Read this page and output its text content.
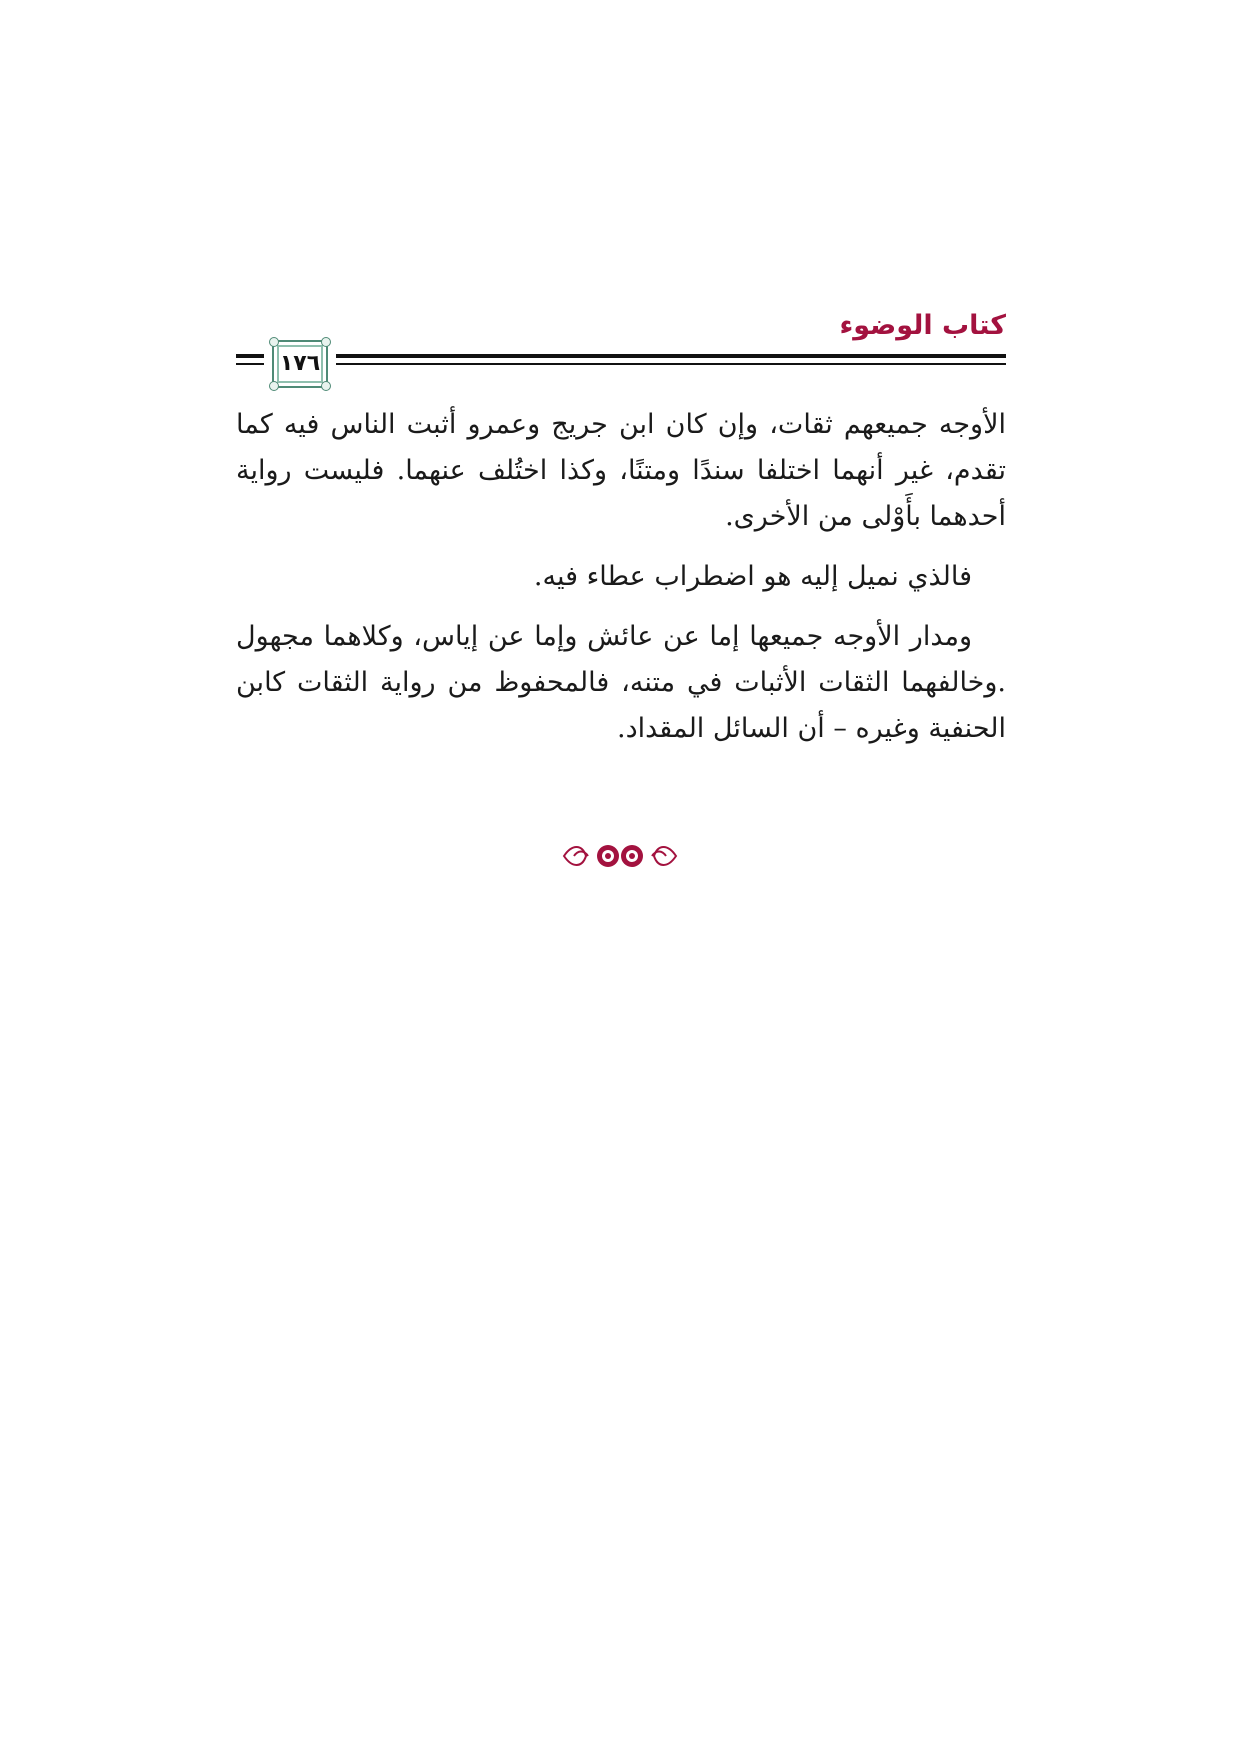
كتاب الوضوء
١٧٦

الأوجه جميعهم ثقات، وإن كان ابن جريج وعمرو أثبت الناس فيه كما تقدم، غير أنهما اختلفا سندًا ومتنًا، وكذا اختُلف عنهما. فليست رواية أحدهما بأَوْلى من الأخرى.

فالذي نميل إليه هو اضطراب عطاء فيه.

ومدار الأوجه جميعها إما عن عائش وإما عن إياس، وكلاهما مجهول .وخالفهما الثقات الأثبات في متنه، فالمحفوظ من رواية الثقات كابن الحنفية وغيره – أن السائل المقداد.
